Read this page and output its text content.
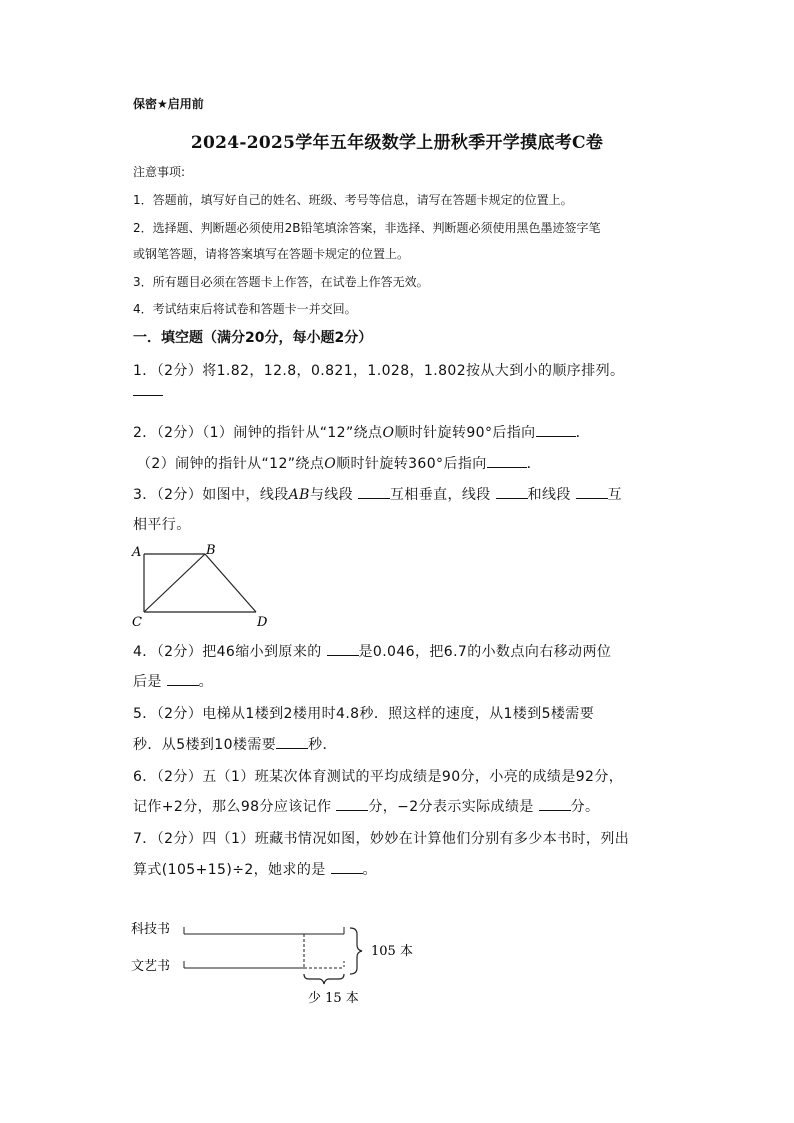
保密★启用前
2024-2025学年五年级数学上册秋季开学摸底考C卷
注意事项:
1．答题前，填写好自己的姓名、班级、考号等信息，请写在答题卡规定的位置上。
2．选择题、判断题必须使用2B铅笔填涂答案，非选择、判断题必须使用黑色墨迹签字笔
或钢笔答题，请将答案填写在答题卡规定的位置上。
3．所有题目必须在答题卡上作答，在试卷上作答无效。
4．考试结束后将试卷和答题卡一并交回。
一．填空题（满分20分，每小题2分）
1．（2分）将1.82，12.8，0.821，1.028，1.802按从大到小的顺序排列。
2．（2分）（1）闹钟的指针从“12”绕点O顺时针旋转90°后指向	．
（2）闹钟的指针从“12”绕点O顺时针旋转360°后指向	．
3．（2分）如图中，线段AB与线段	互相垂直，线段	和线段	互
相平行。
A	B
C	D
4．（2分）把46缩小到原来的	是0.046，把6.7的小数点向右移动两位
后是	。
5．（2分）电梯从1楼到2楼用时4.8秒．照这样的速度，从1楼到5楼需要
秒．从5楼到10楼需要 秒．
6．（2分）五（1）班某次体育测试的平均成绩是90分，小亮的成绩是92分，
记作+2分，那么98分应该记作	分，−2分表示实际成绩是	分。
7．（2分）四（1）班藏书情况如图，妙妙在计算他们分别有多少本书时，列出
算式(105+15)÷2，她求的是	。
科技书
文艺书
105 本
少 15 本
